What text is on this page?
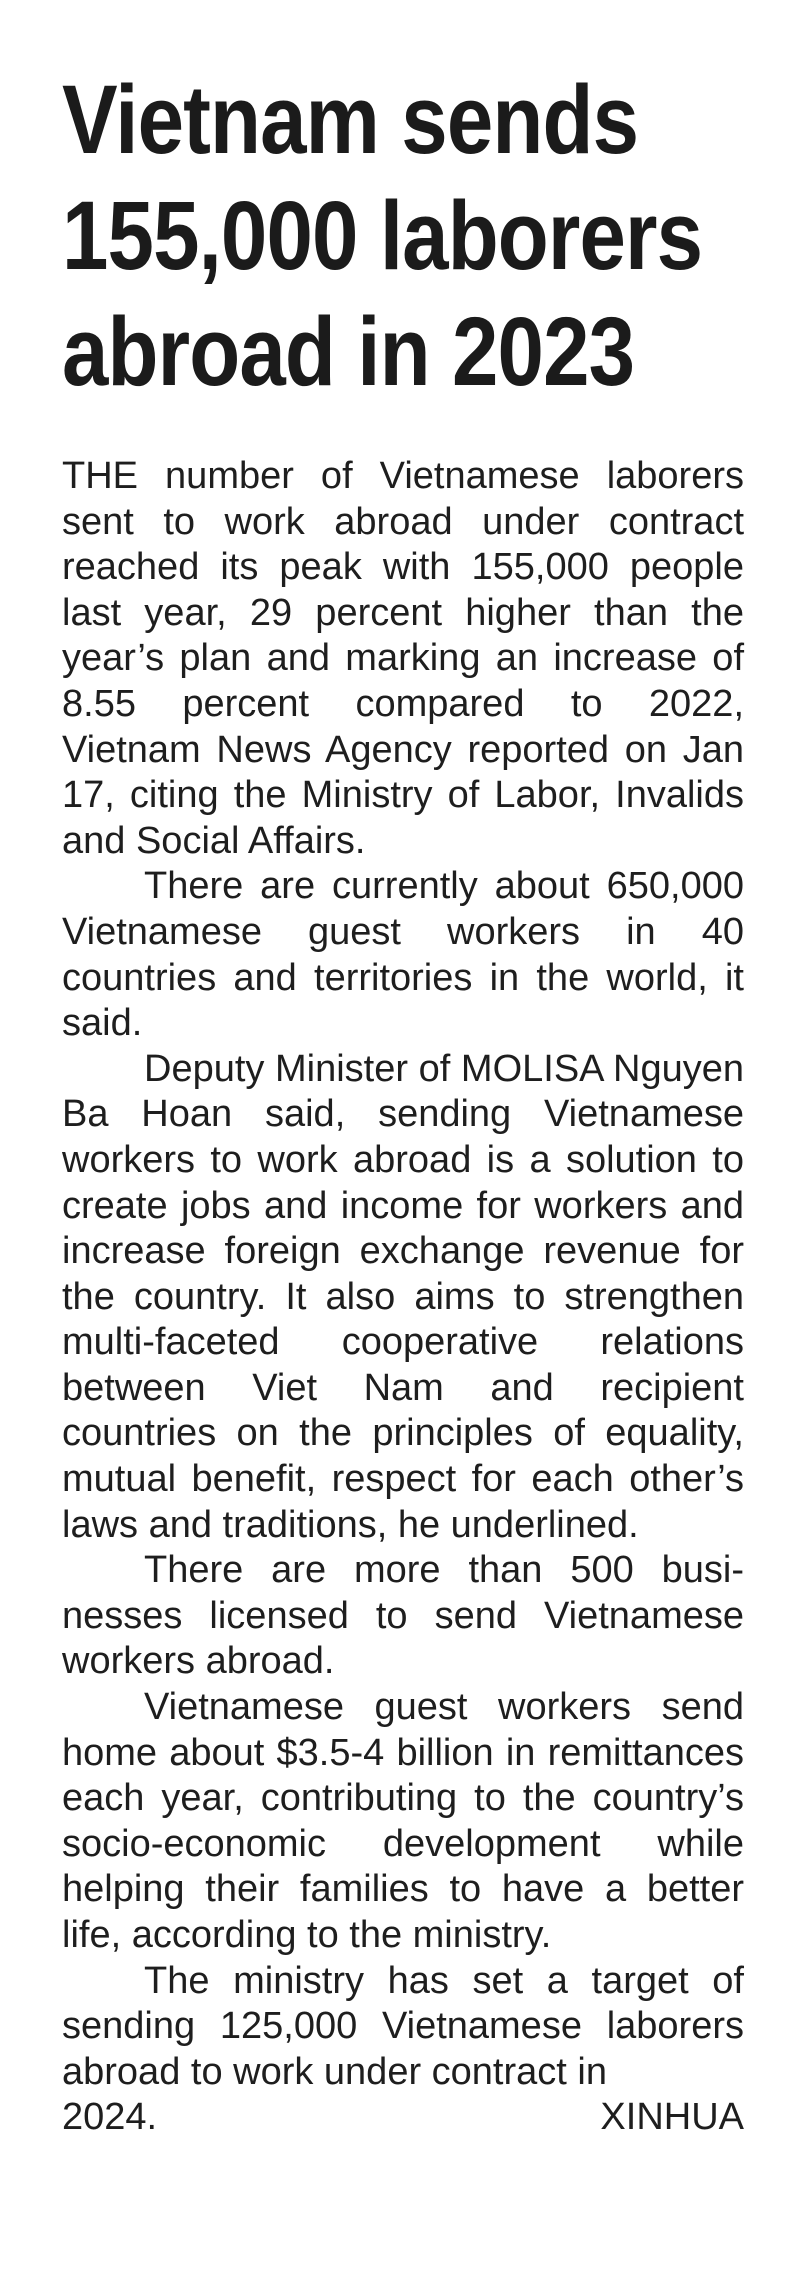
Vietnam sends
155,000 laborers
abroad in 2023

THE number of Vietnamese laborers sent to work abroad under contract reached its peak with 155,000 people last year, 29 percent higher than the year’s plan and marking an increase of 8.55 percent compared to 2022, Vietnam News Agency reported on Jan 17, citing the Ministry of Labor, Invalids and Social Affairs.

There are currently about 650,000 Vietnamese guest workers in 40 countries and territories in the world, it said.

Deputy Minister of MOLISA Nguyen Ba Hoan said, sending Vietnamese workers to work abroad is a solution to create jobs and income for workers and increase foreign exchange revenue for the country. It also aims to strengthen multi-faceted cooperative relations between Viet Nam and recipient countries on the principles of equality, mutual benefit, respect for each other’s laws and traditions, he underlined.

There are more than 500 businesses licensed to send Vietnamese workers abroad.

Vietnamese guest workers send home about $3.5-4 billion in remittances each year, contributing to the country’s socio-economic development while helping their families to have a better life, according to the ministry.

The ministry has set a target of sending 125,000 Vietnamese laborers abroad to work under contract in

2024.	XINHUA
